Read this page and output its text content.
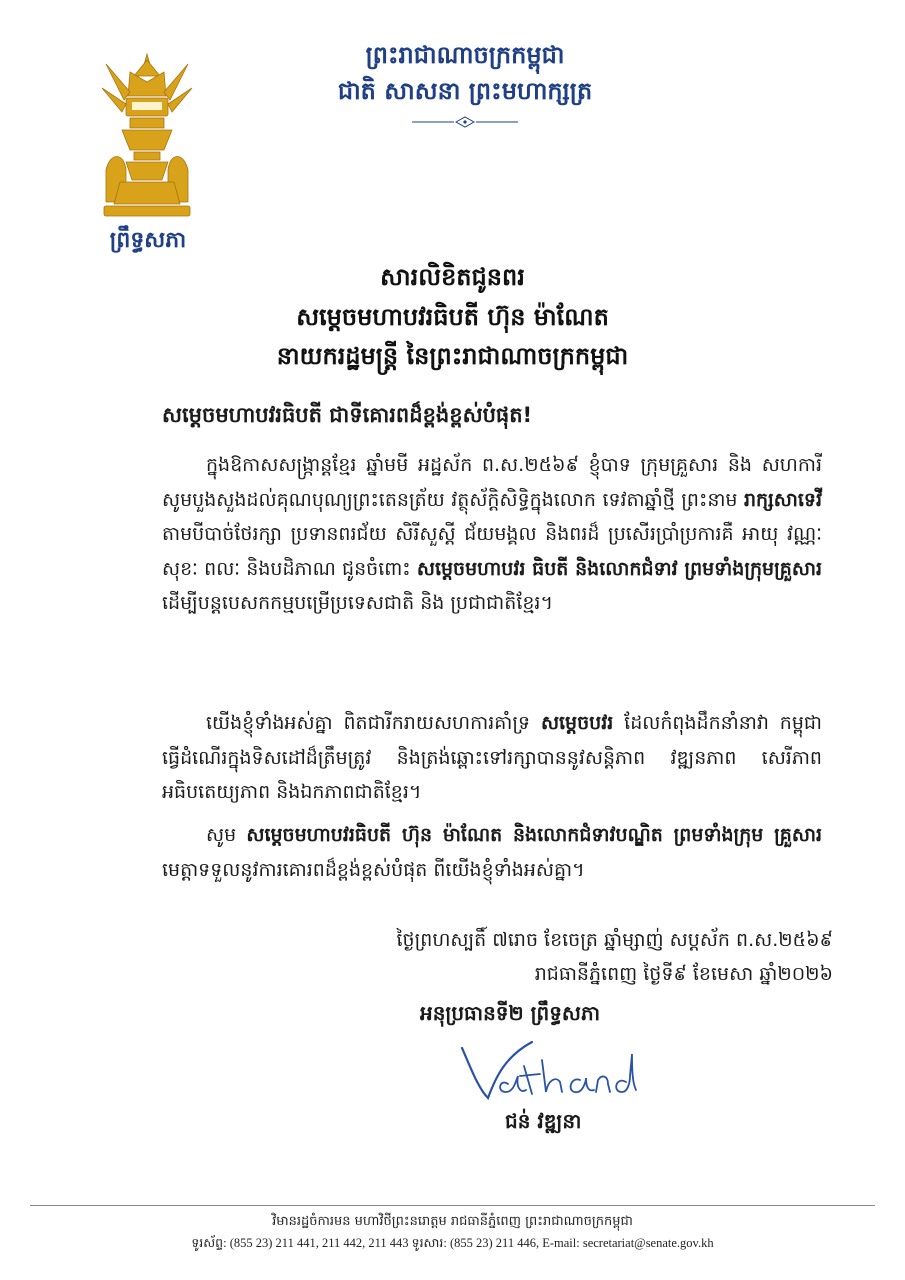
ព្រឹទ្ធសភា
ព្រះរាជាណាចក្រកម្ពុជា
ជាតិ សាសនា ព្រះមហាក្សត្រ
សារលិខិតជូនពរ
សម្តេចមហាបវរធិបតី ហ៊ុន ម៉ាណែត
នាយករដ្ឋមន្ត្រី នៃព្រះរាជាណាចក្រកម្ពុជា
សម្តេចមហាបវរធិបតី ជាទីគោរពដ៏ខ្ពង់ខ្ពស់បំផុត!
ក្នុងឱកាសសង្ក្រាន្តខ្មែរ ឆ្នាំមមី អដ្ឋស័ក ព.ស.២៥៦៩ ខ្ញុំបាទ ក្រុមគ្រួសារ និង សហការី សូមបួងសួងដល់គុណបុណ្យព្រះតេនត្រ័យ វត្ថុស័ក្តិសិទ្ធិក្នុងលោក ទេវតាឆ្នាំថ្មី ព្រះនាម រាក្សសាទេវី តាមបីបាច់ថែរក្សា ប្រទានពរជ័យ សិរីសួស្តី ជ័យមង្គល និងពរដ៏ ប្រសើរប្រាំប្រការគឺ អាយុ វណ្ណៈ សុខៈ ពលៈ និងបដិភាណ ជូនចំពោះ សម្តេចមហាបវរ ធិបតី និងលោកជំទាវ ព្រមទាំងក្រុមគ្រួសារ ដើម្បីបន្តបេសកកម្មបម្រើប្រទេសជាតិ និង ប្រជាជាតិខ្មែរ។
យើងខ្ញុំទាំងអស់គ្នា ពិតជារីករាយសហការគាំទ្រ សម្តេចបវរ ដែលកំពុងដឹកនាំនាវា កម្ពុជា ធ្វើដំណើរក្នុងទិសដៅដ៏ត្រឹមត្រូវ និងត្រង់ឆ្ពោះទៅរក្សាបាននូវសន្តិភាព វឌ្ឍនភាព សេរីភាព អធិបតេយ្យភាព និងឯកភាពជាតិខ្មែរ។
សូម សម្តេចមហាបវរធិបតី ហ៊ុន ម៉ាណែត និងលោកជំទាវបណ្ឌិត ព្រមទាំងក្រុម គ្រួសារ មេត្តាទទួលនូវការគោរពដ៏ខ្ពង់ខ្ពស់បំផុត ពីយើងខ្ញុំទាំងអស់គ្នា។
ថ្ងៃព្រហស្បតិ៍ ៧រោច ខែចេត្រ ឆ្នាំម្សាញ់ សប្តស័ក ព.ស.២៥៦៩
រាជធានីភ្នំពេញ ថ្ងៃទី៩ ខែមេសា ឆ្នាំ២០២៦
អនុប្រធានទី២ ព្រឹទ្ធសភា
ជន់ វឌ្ឍនា
វិមានរដ្ឋចំការមន មហាវិថីព្រះនរោត្តម រាជធានីភ្នំពេញ ព្រះរាជាណាចក្រកម្ពុជា
ទូរស័ព្ទ: (855 23) 211 441, 211 442, 211 443 ទូរសារ: (855 23) 211 446, E-mail: secretariat@senate.gov.kh
